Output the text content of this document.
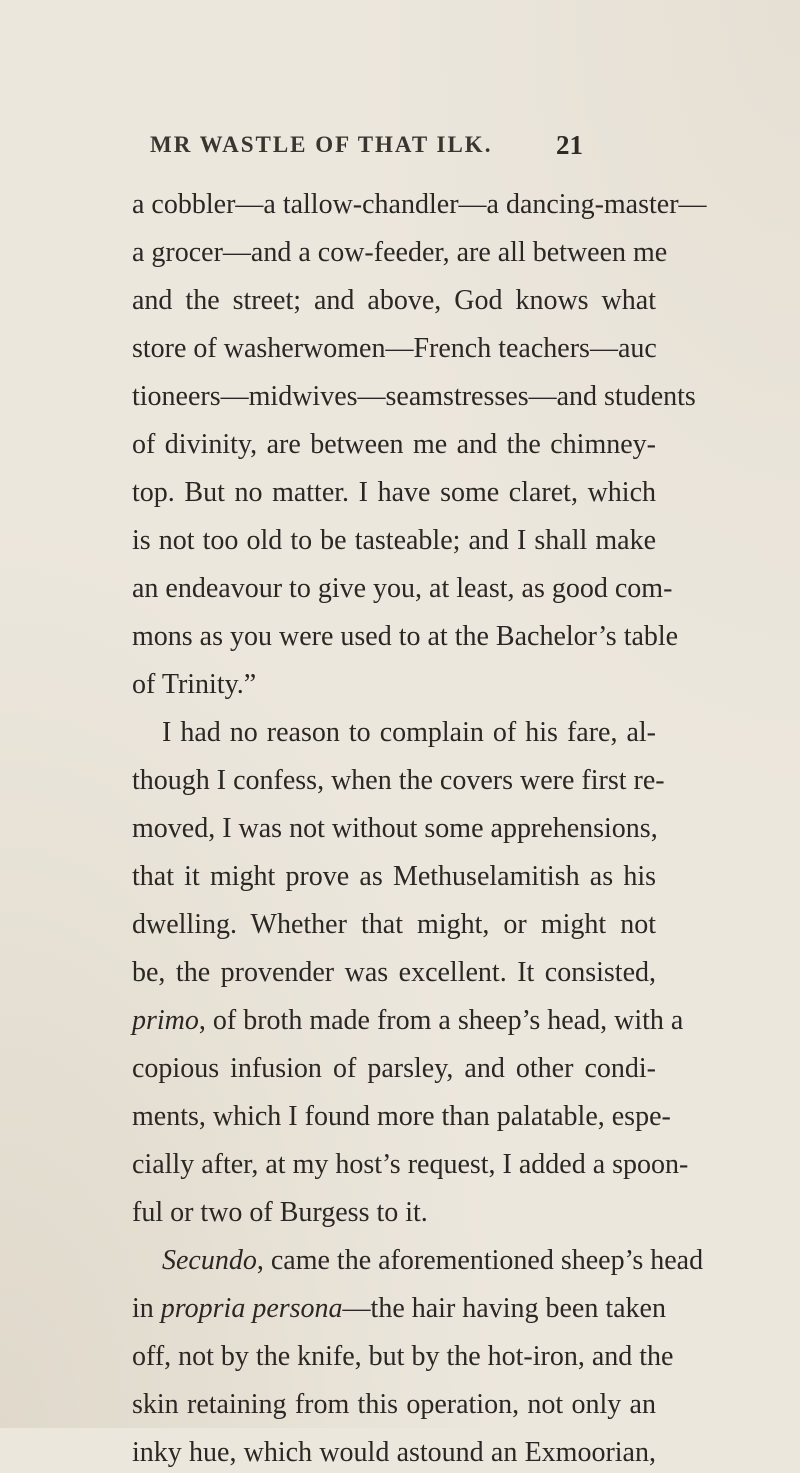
MR WASTLE OF THAT ILK. 21
a cobbler—a tallow-chandler—a dancing-master—
a grocer—and a cow-feeder, are all between me
and the street; and above, God knows what
store of washerwomen—French teachers—auc
tioneers—midwives—seamstresses—and students
of divinity, are between me and the chimney-
top. But no matter. I have some claret, which
is not too old to be tasteable; and I shall make
an endeavour to give you, at least, as good com-
mons as you were used to at the Bachelor’s table
of Trinity.”
I had no reason to complain of his fare, al-
though I confess, when the covers were first re-
moved, I was not without some apprehensions,
that it might prove as Methuselamitish as his
dwelling. Whether that might, or might not
be, the provender was excellent. It consisted,
primo , of broth made from a sheep’s head, with a
copious infusion of parsley, and other condi-
ments, which I found more than palatable, espe-
cially after, at my host’s request, I added a spoon-
ful or two of Burgess to it.
Secundo , came the aforementioned sheep’s head
in propria persona —the hair having been taken
off, not by the knife, but by the hot-iron, and the
skin retaining from this operation, not only an
inky hue, which would astound an Exmoorian,
